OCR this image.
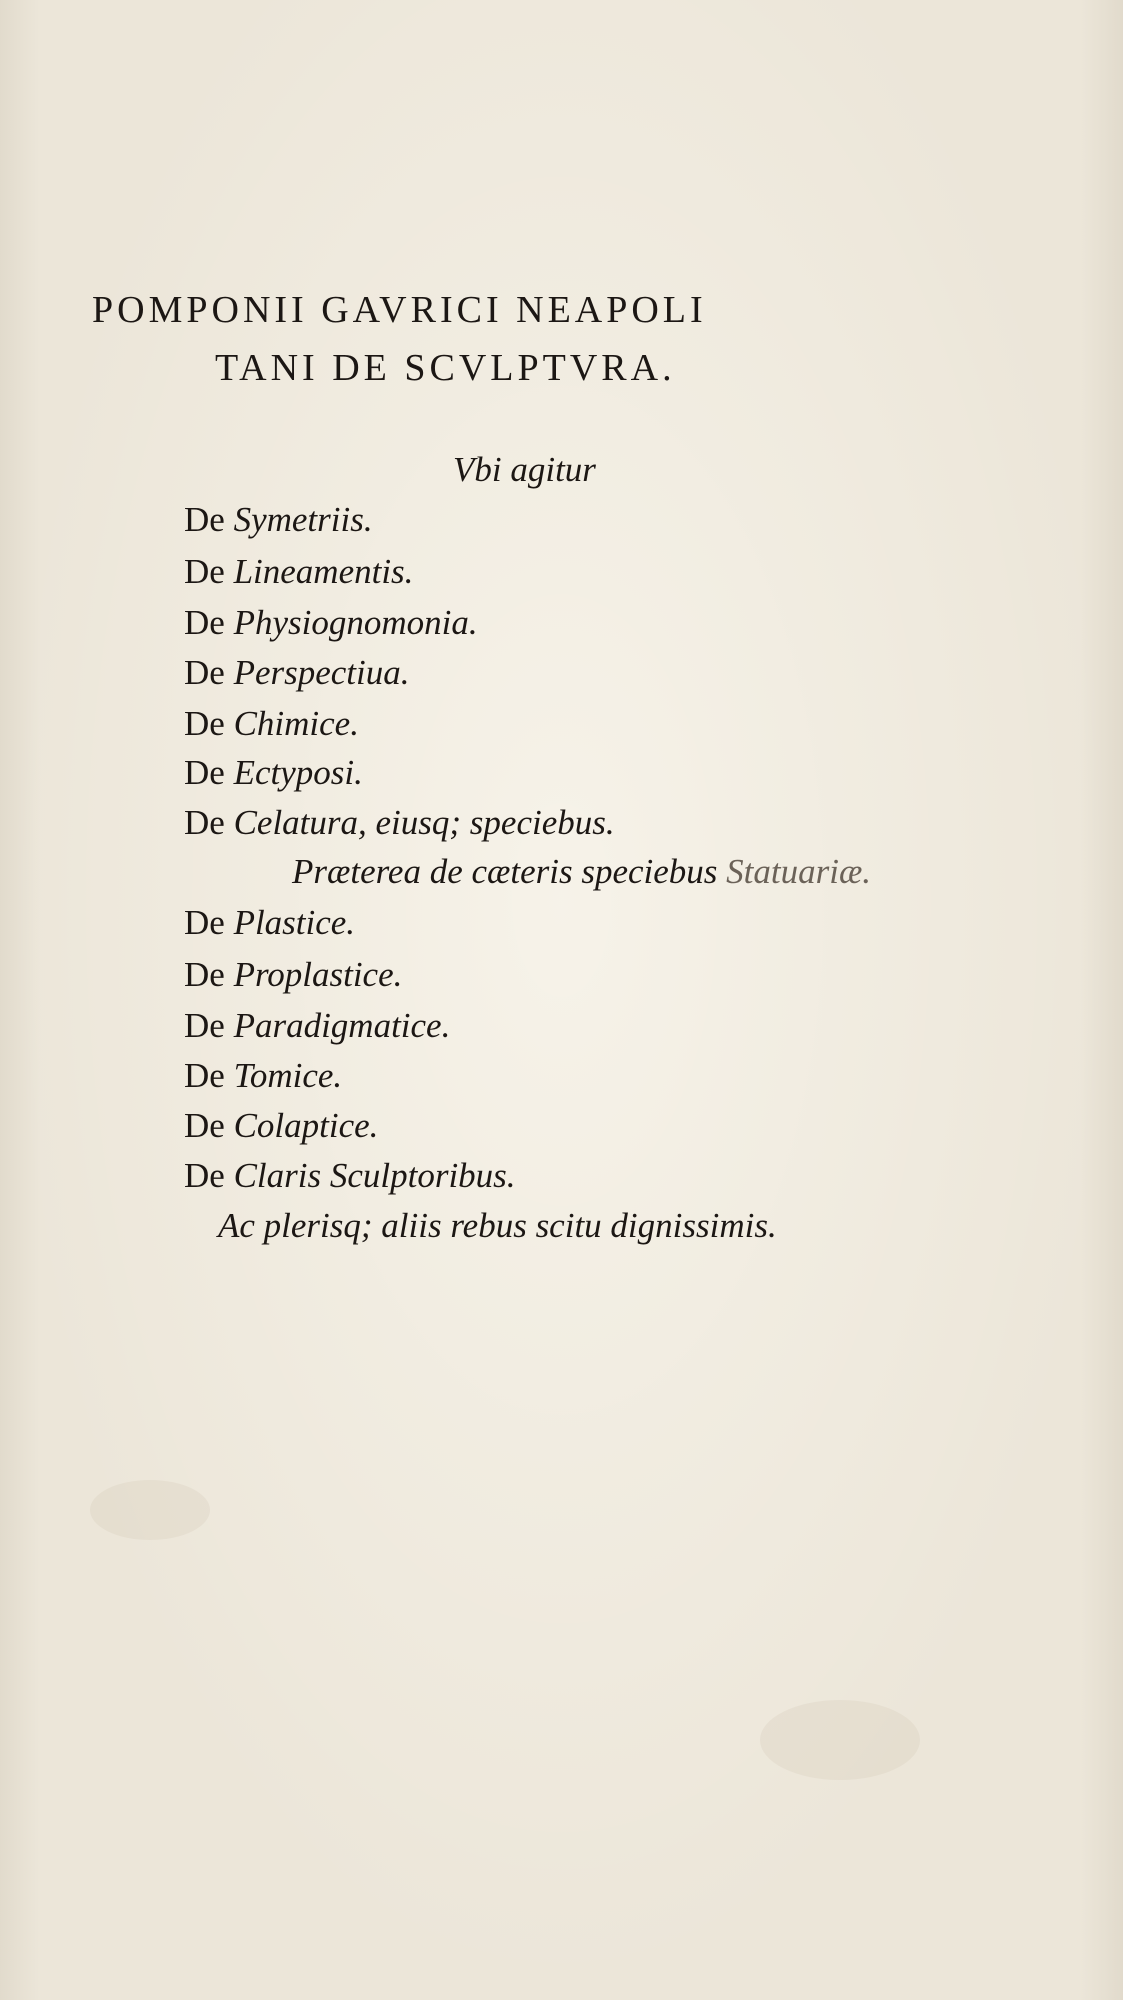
POMPONII GAVRICI NEAPOLI
TANI DE SCVLPTVRA.
Vbi agitur
De Symetriis.
De Lineamentis.
De Physiognomonia.
De Perspectiua.
De Chimice.
De Ectyposi.
De Celatura, eiusq; speciebus.
Præterea de cæteris speciebus Statuariæ.
De Plastice.
De Proplastice.
De Paradigmatice.
De Tomice.
De Colaptice.
De Claris Sculptoribus.
Ac plerisq; aliis rebus scitu dignissimis.
